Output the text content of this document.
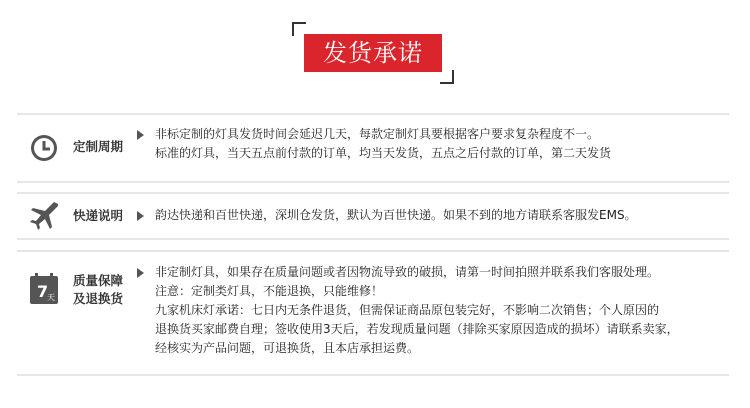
发货承诺
定制周期
非标定制的灯具发货时间会延迟几天，每款定制灯具要根据客户要求复杂程度不一。
标准的灯具，当天五点前付款的订单，均当天发货，五点之后付款的订单，第二天发货
快递说明	韵达快递和百世快递，深圳仓发货，默认为百世快递。如果不到的地方请联系客服发EMS。
7
天
质量保障
及退换货
非定制灯具，如果存在质量问题或者因物流导致的破损，请第一时间拍照并联系我们客服处理。
注意：定制类灯具，不能退换，只能维修！
九家机床灯承诺：七日内无条件退货，但需保证商品原包装完好，不影响二次销售；个人原因的
退换货买家邮费自理；签收使用3天后，若发现质量问题（排除买家原因造成的损坏）请联系卖家，
经核实为产品问题，可退换货，且本店承担运费。
